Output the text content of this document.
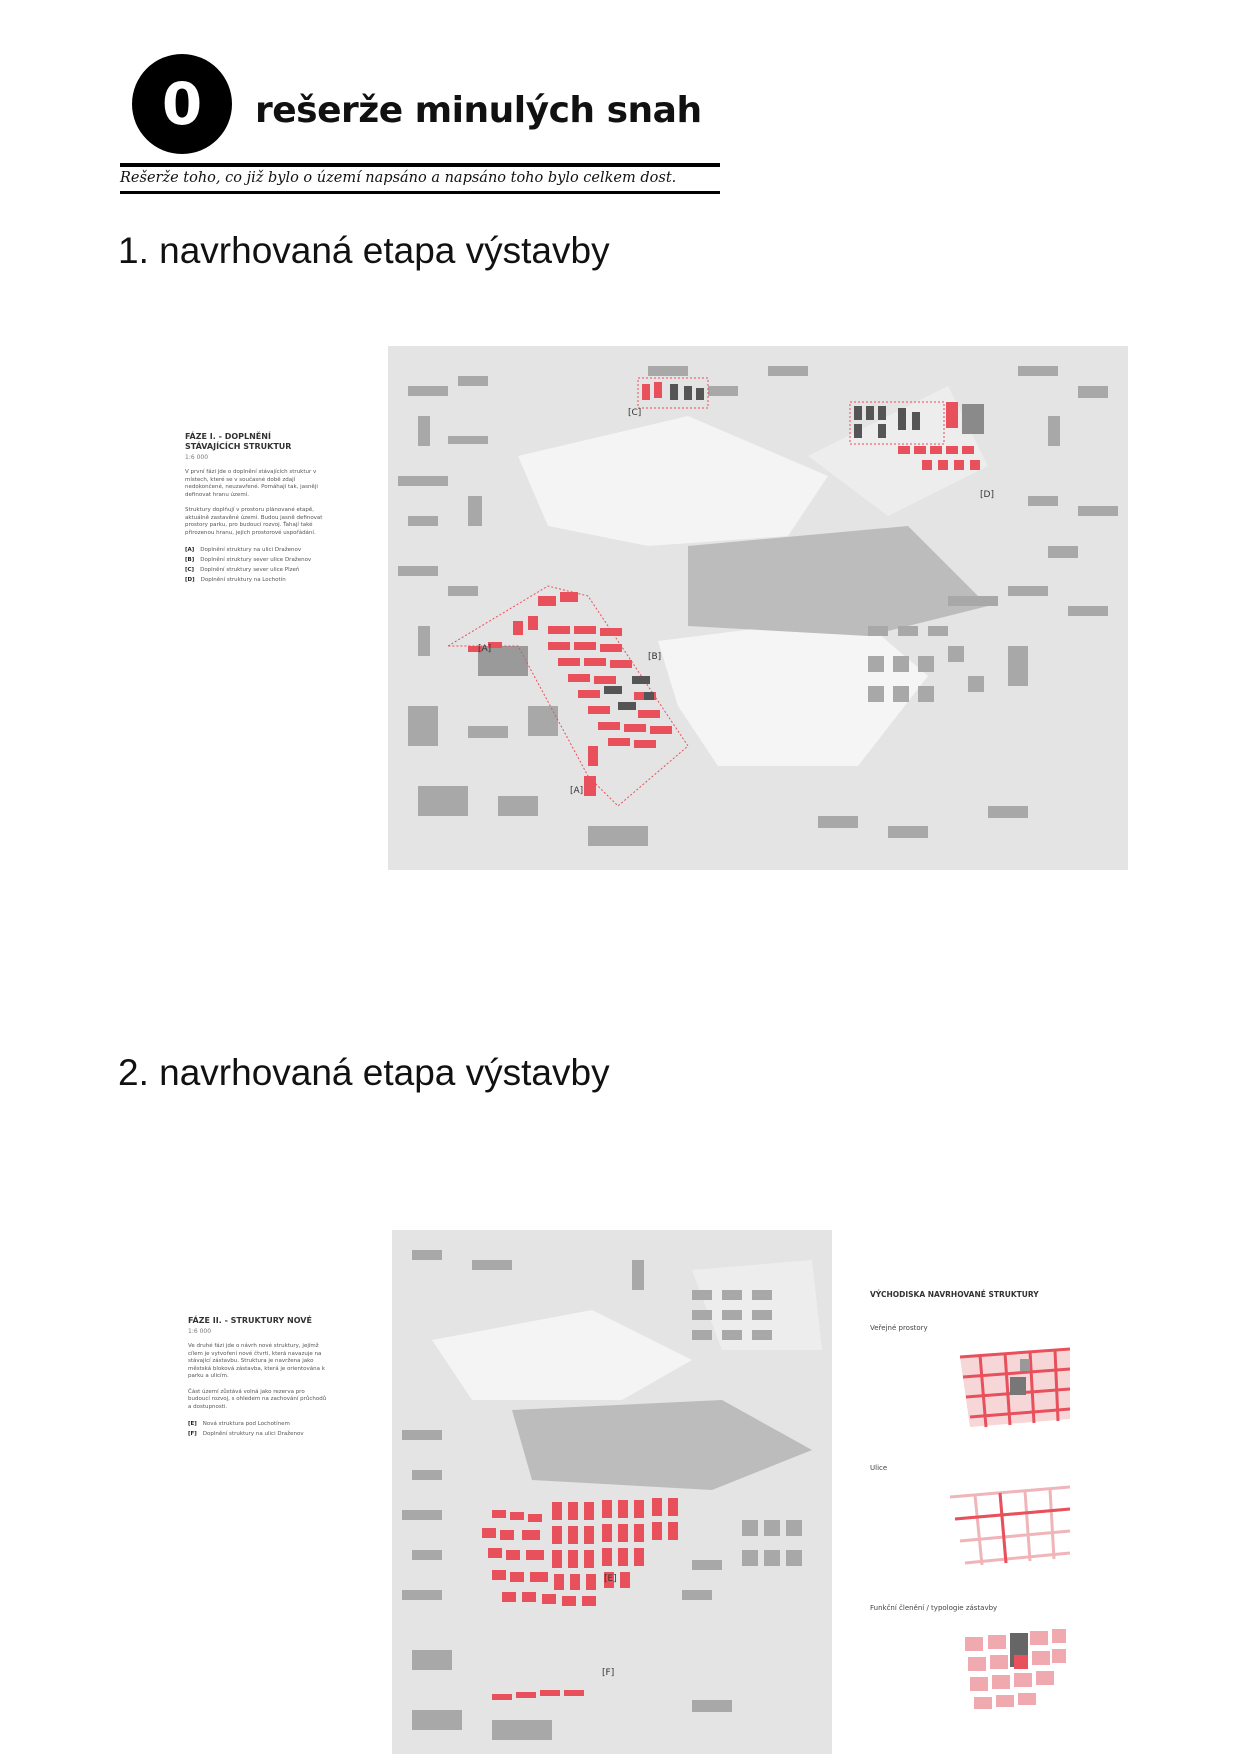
0	rešerže minulých snah
Rešerže toho, co již bylo o území napsáno a napsáno toho bylo celkem dost.
1. navrhovaná etapa výstavby
FÁZE I. - DOPLNĚNÍ STÁVAJÍCÍCH STRUKTUR
1:6 000

V první fázi jde o doplnění stávajících struktur v místech, které se v současné době zdají nedokončené, neuzavřené. Pomáhají tak, jasněji definovat hranu území.

Struktury doplňují v prostoru plánované etapě, aktuálně zastavěné území. Budou jasně definovat prostory parku, pro budoucí rozvoj. Ťahají také přirozenou hranu, jejich prostorové uspořádání.

[A] Doplnění struktury na ulici Draženov
[B] Doplnění struktury sever ulice Draženov
[C] Doplnění struktury sever ulice Plzeň
[D] Doplnění struktury na Lochotín
[C]
[D]
[A]
[B]
[A]
2. navrhovaná etapa výstavby
FÁZE II. - STRUKTURY NOVÉ
1:6 000

Ve druhé fázi jde o návrh nové struktury, jejímž cílem je vytvoření nové čtvrti, která navazuje na stávající zástavbu. Struktura je navržena jako městská bloková zástavba, která je orientována k parku a ulicím.

Část území zůstává volná jako rezerva pro budoucí rozvoj, s ohledem na zachování průchodů a dostupnosti.

[E] Nová struktura pod Lochotínem
[F] Doplnění struktury na ulici Draženov
[E]
[F]
VÝCHODISKA NAVRHOVANÉ STRUKTURY
Veřejné prostory
Ulice
Funkční členění / typologie zástavby
